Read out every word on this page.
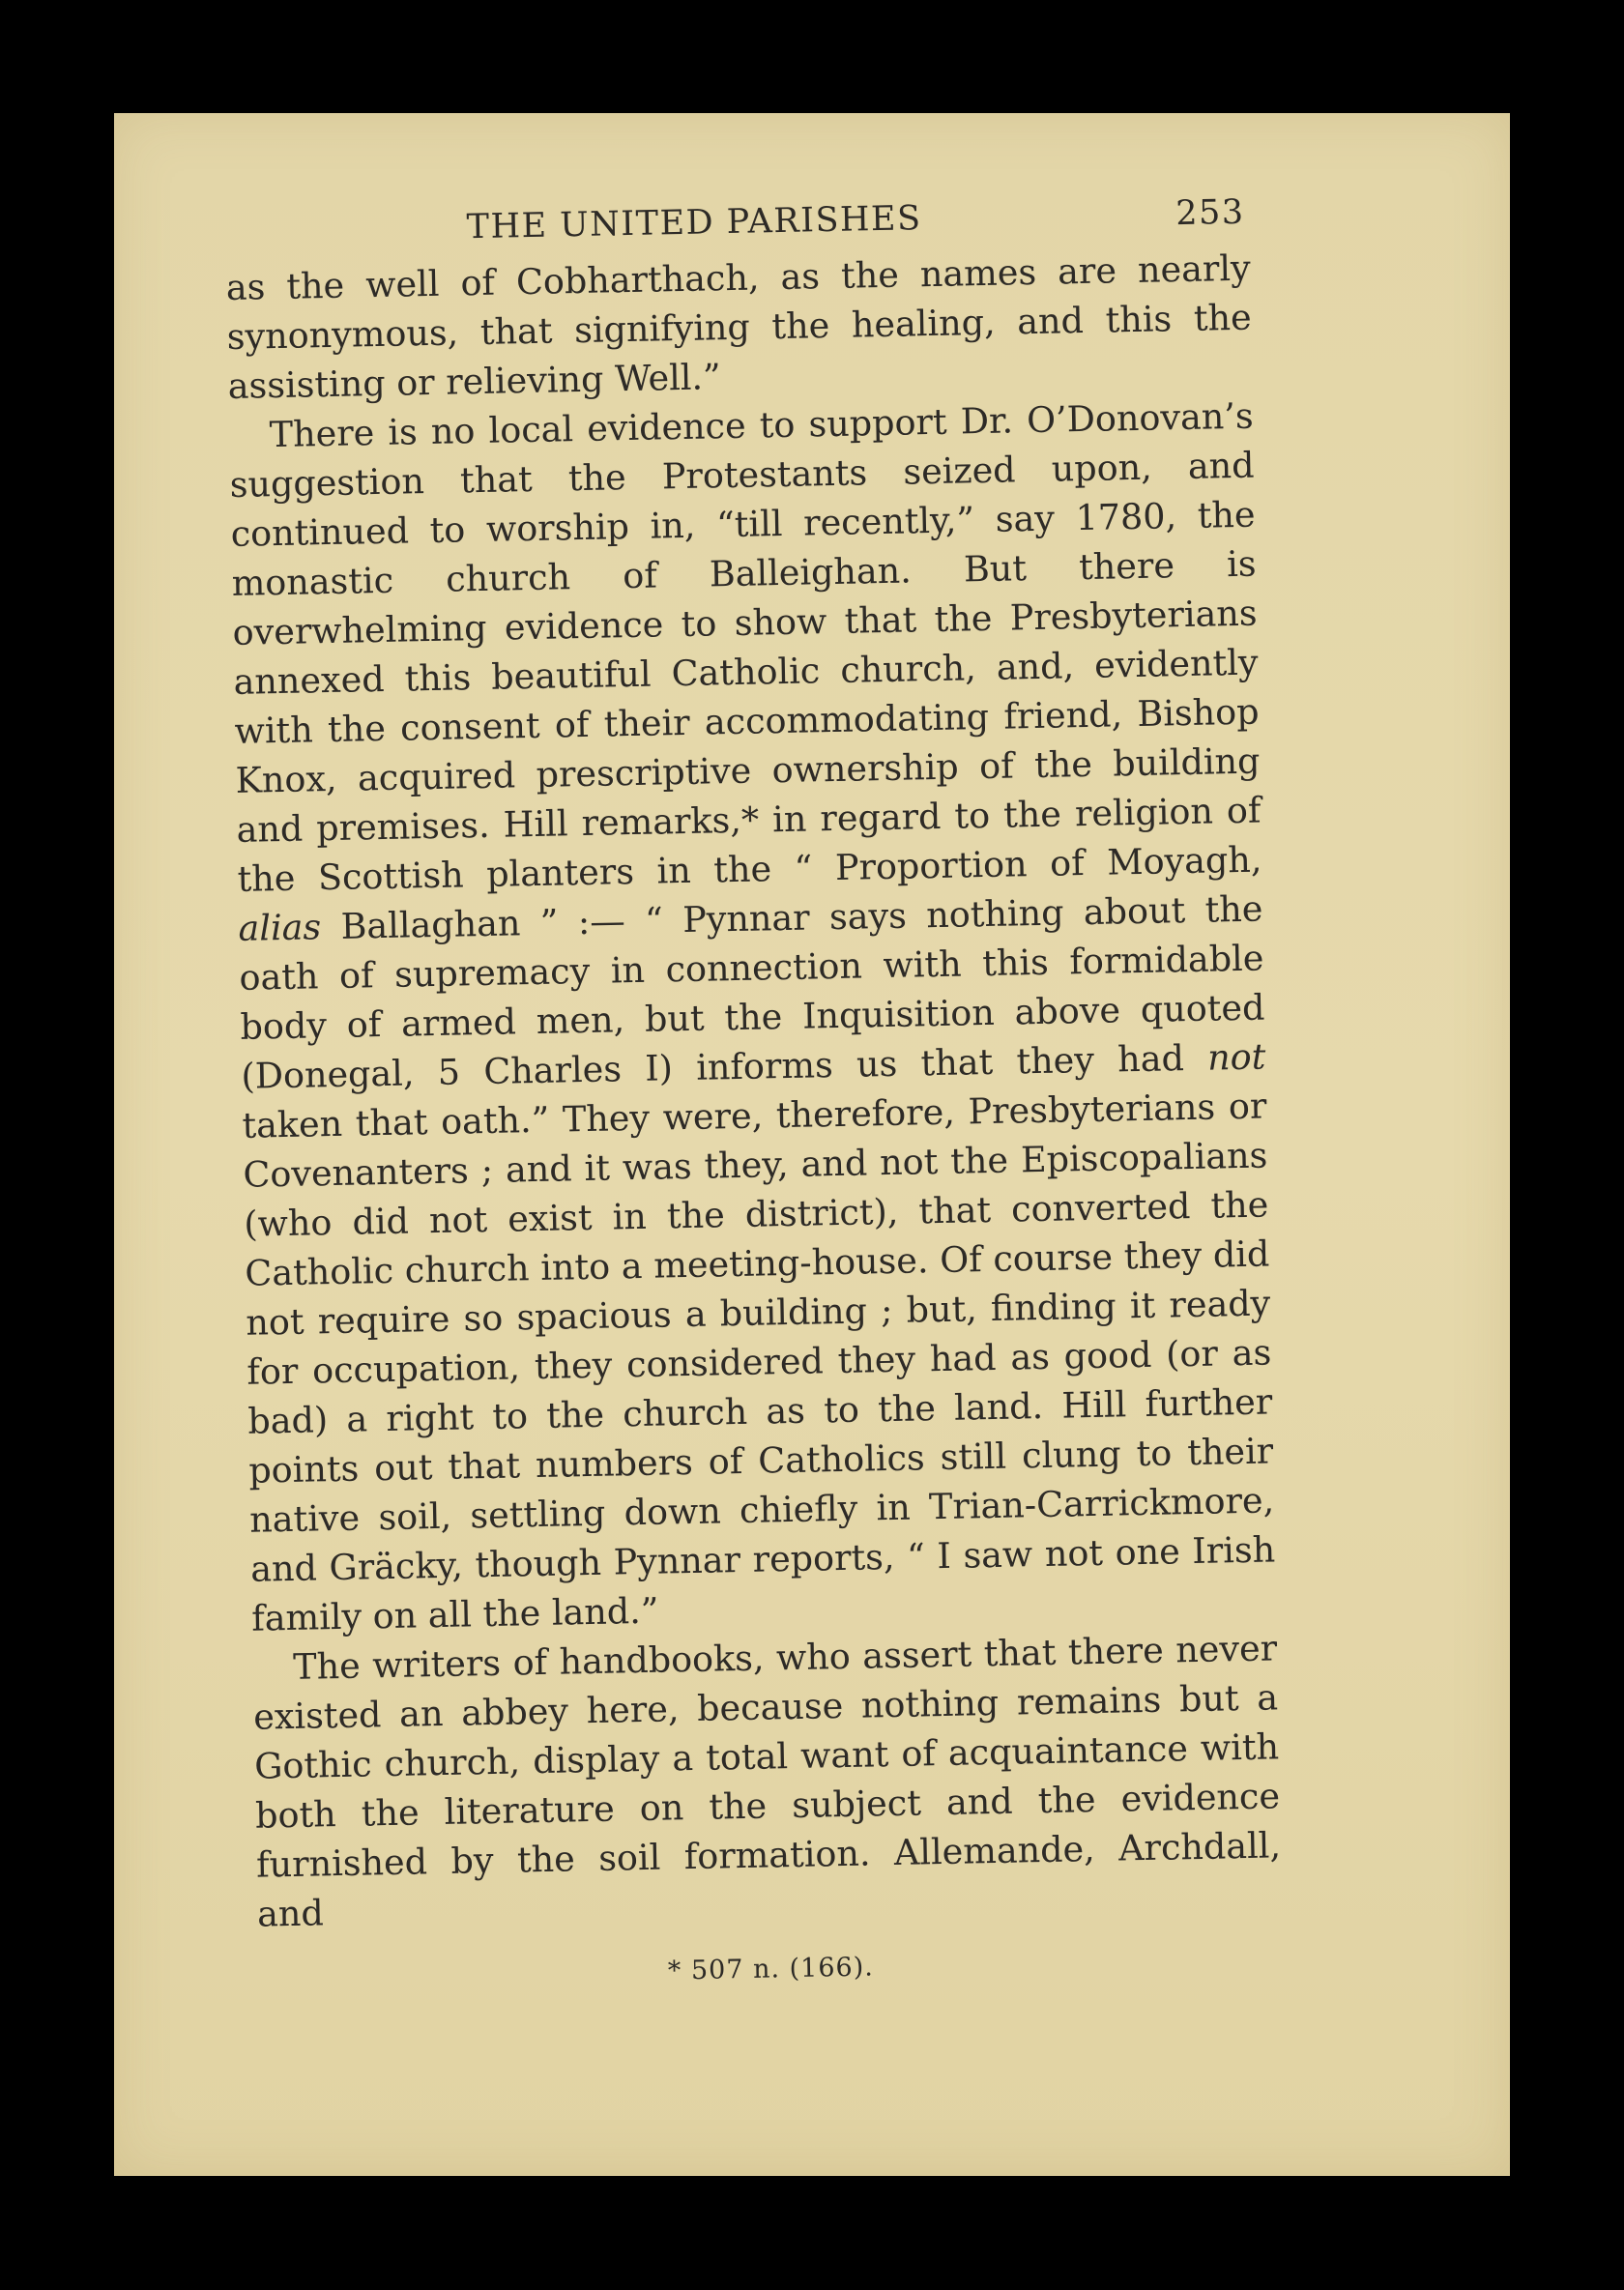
THE UNITED PARISHES	253

as the well of Cobharthach, as the names are nearly synonymous, that signifying the healing, and this the assisting or relieving Well.”

There is no local evidence to support Dr. O’Donovan’s suggestion that the Protestants seized upon, and continued to worship in, “till recently,” say 1780, the monastic church of Balleighan. But there is overwhelming evidence to show that the Presbyterians annexed this beautiful Catholic church, and, evidently with the consent of their accommodating friend, Bishop Knox, acquired prescriptive ownership of the building and premises. Hill remarks,* in regard to the religion of the Scottish planters in the “ Proportion of Moyagh, alias Ballaghan ” :— “ Pynnar says nothing about the oath of supremacy in connection with this formidable body of armed men, but the Inquisition above quoted (Donegal, 5 Charles I) informs us that they had not taken that oath.” They were, therefore, Presbyterians or Covenanters ; and it was they, and not the Episcopalians (who did not exist in the district), that converted the Catholic church into a meeting-house. Of course they did not require so spacious a building ; but, finding it ready for occupation, they considered they had as good (or as bad) a right to the church as to the land. Hill further points out that numbers of Catholics still clung to their native soil, settling down chiefly in Trian-Carrickmore, and Gräcky, though Pynnar reports, “ I saw not one Irish family on all the land.”

The writers of handbooks, who assert that there never existed an abbey here, because nothing remains but a Gothic church, display a total want of acquaintance with both the literature on the subject and the evidence furnished by the soil formation. Allemande, Archdall, and

* 507 n. (166).
